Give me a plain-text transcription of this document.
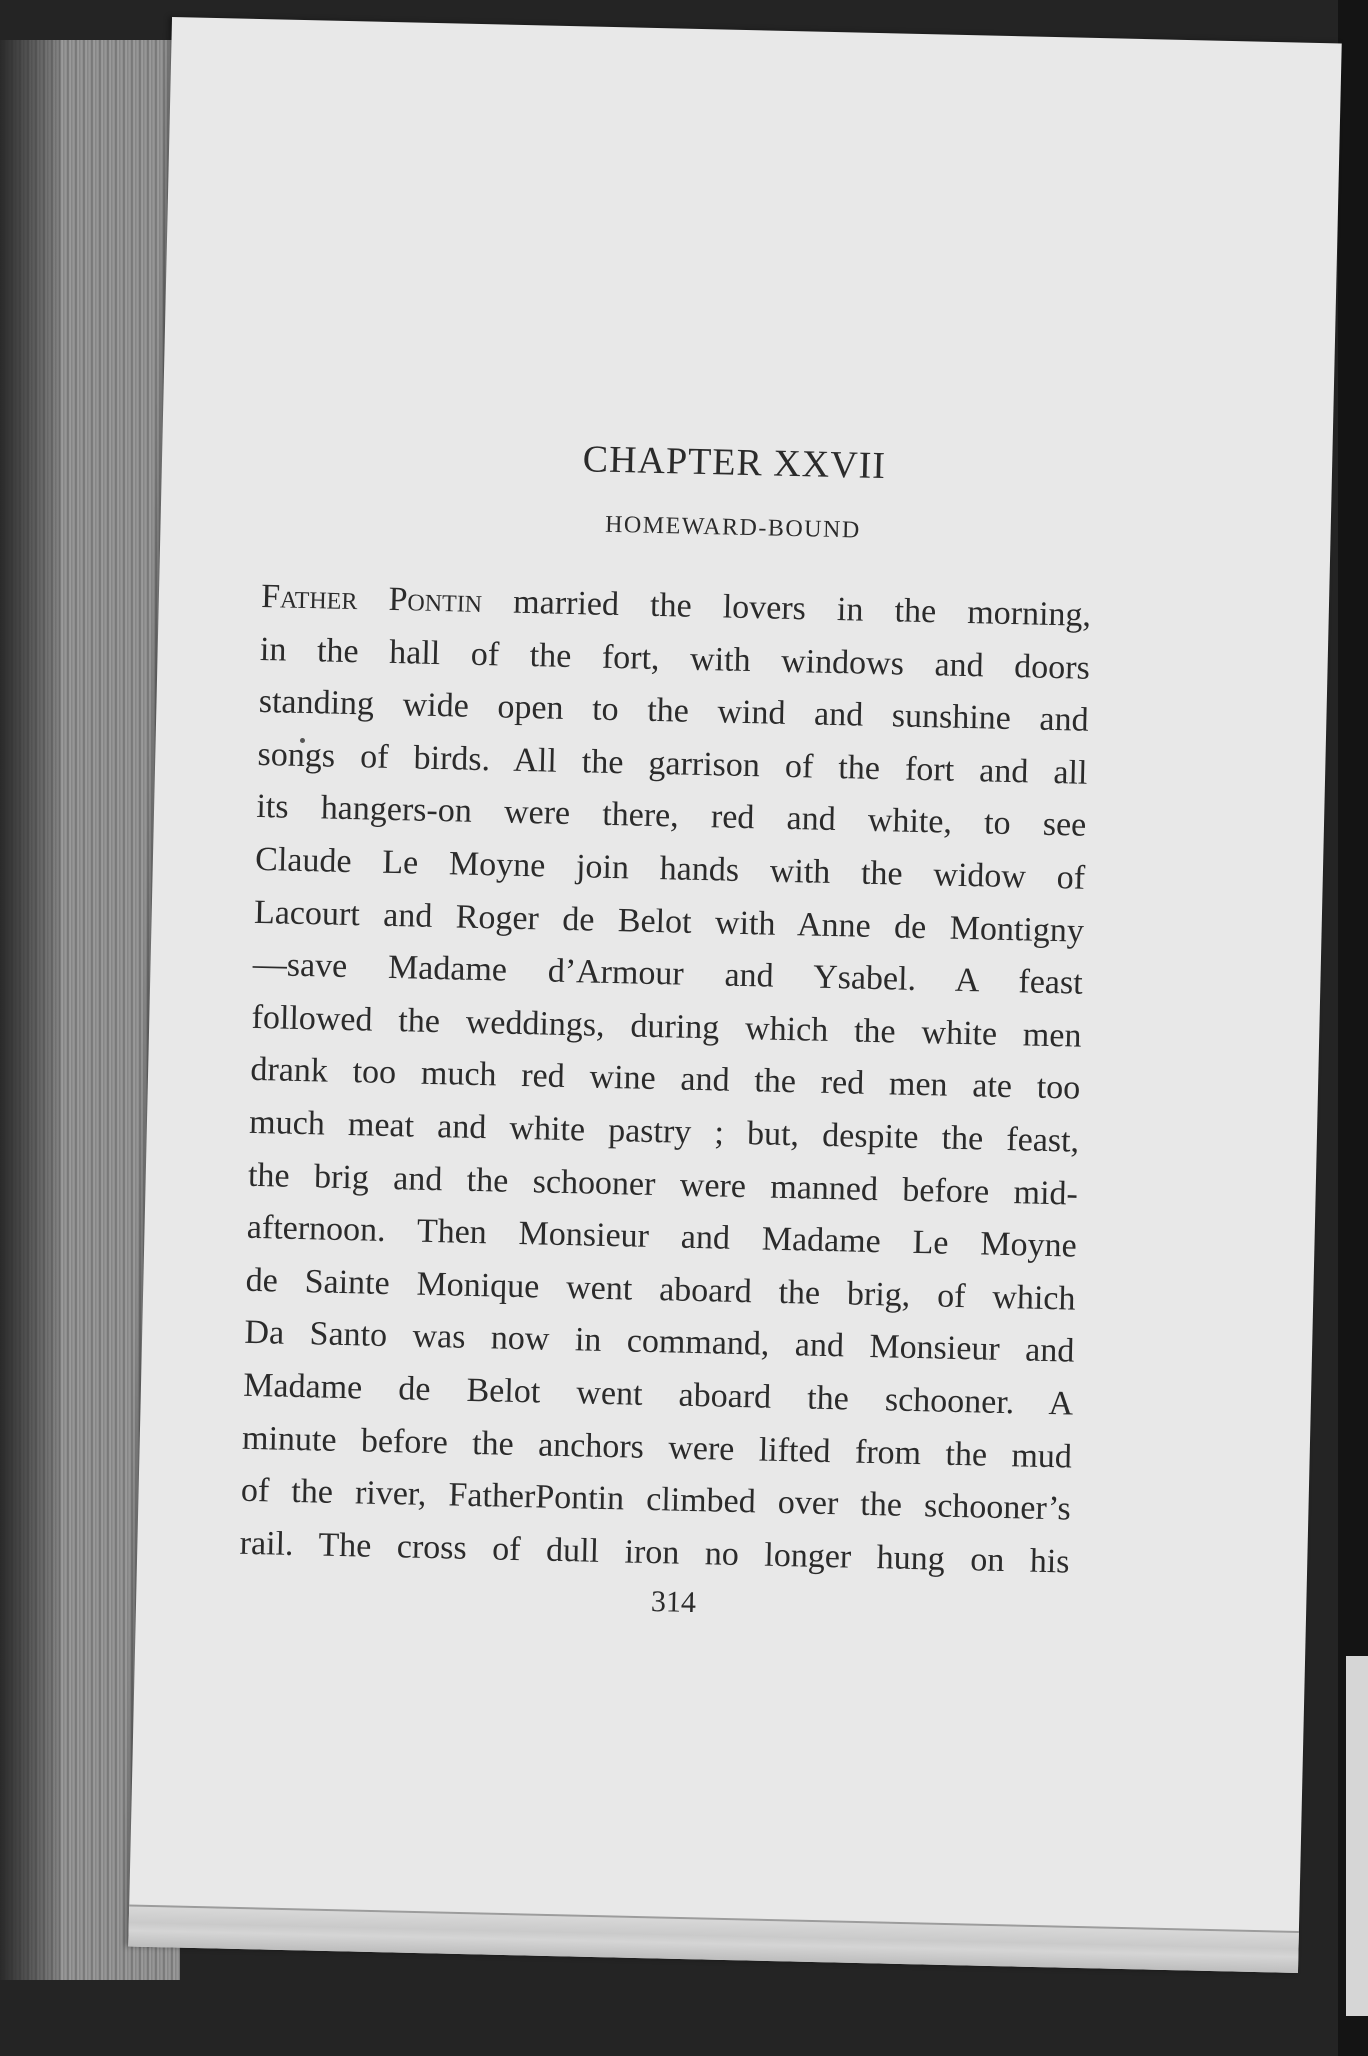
CHAPTER XXVII
HOMEWARD-BOUND
Father Pontin married the lovers in the morning,
in the hall of the fort, with windows and doors
standing wide open to the wind and sunshine and
songs of birds. All the garrison of the fort and all
its hangers-on were there, red and white, to see
Claude Le Moyne join hands with the widow of
Lacourt and Roger de Belot with Anne de Montigny
—save Madame d’Armour and Ysabel. A feast
followed the weddings, during which the white men
drank too much red wine and the red men ate too
much meat and white pastry ; but, despite the feast,
the brig and the schooner were manned before mid-
afternoon. Then Monsieur and Madame Le Moyne
de Sainte Monique went aboard the brig, of which
Da Santo was now in command, and Monsieur and
Madame de Belot went aboard the schooner. A
minute before the anchors were lifted from the mud
of the river, FatherPontin climbed over the schooner’s
rail. The cross of dull iron no longer hung on his
314
